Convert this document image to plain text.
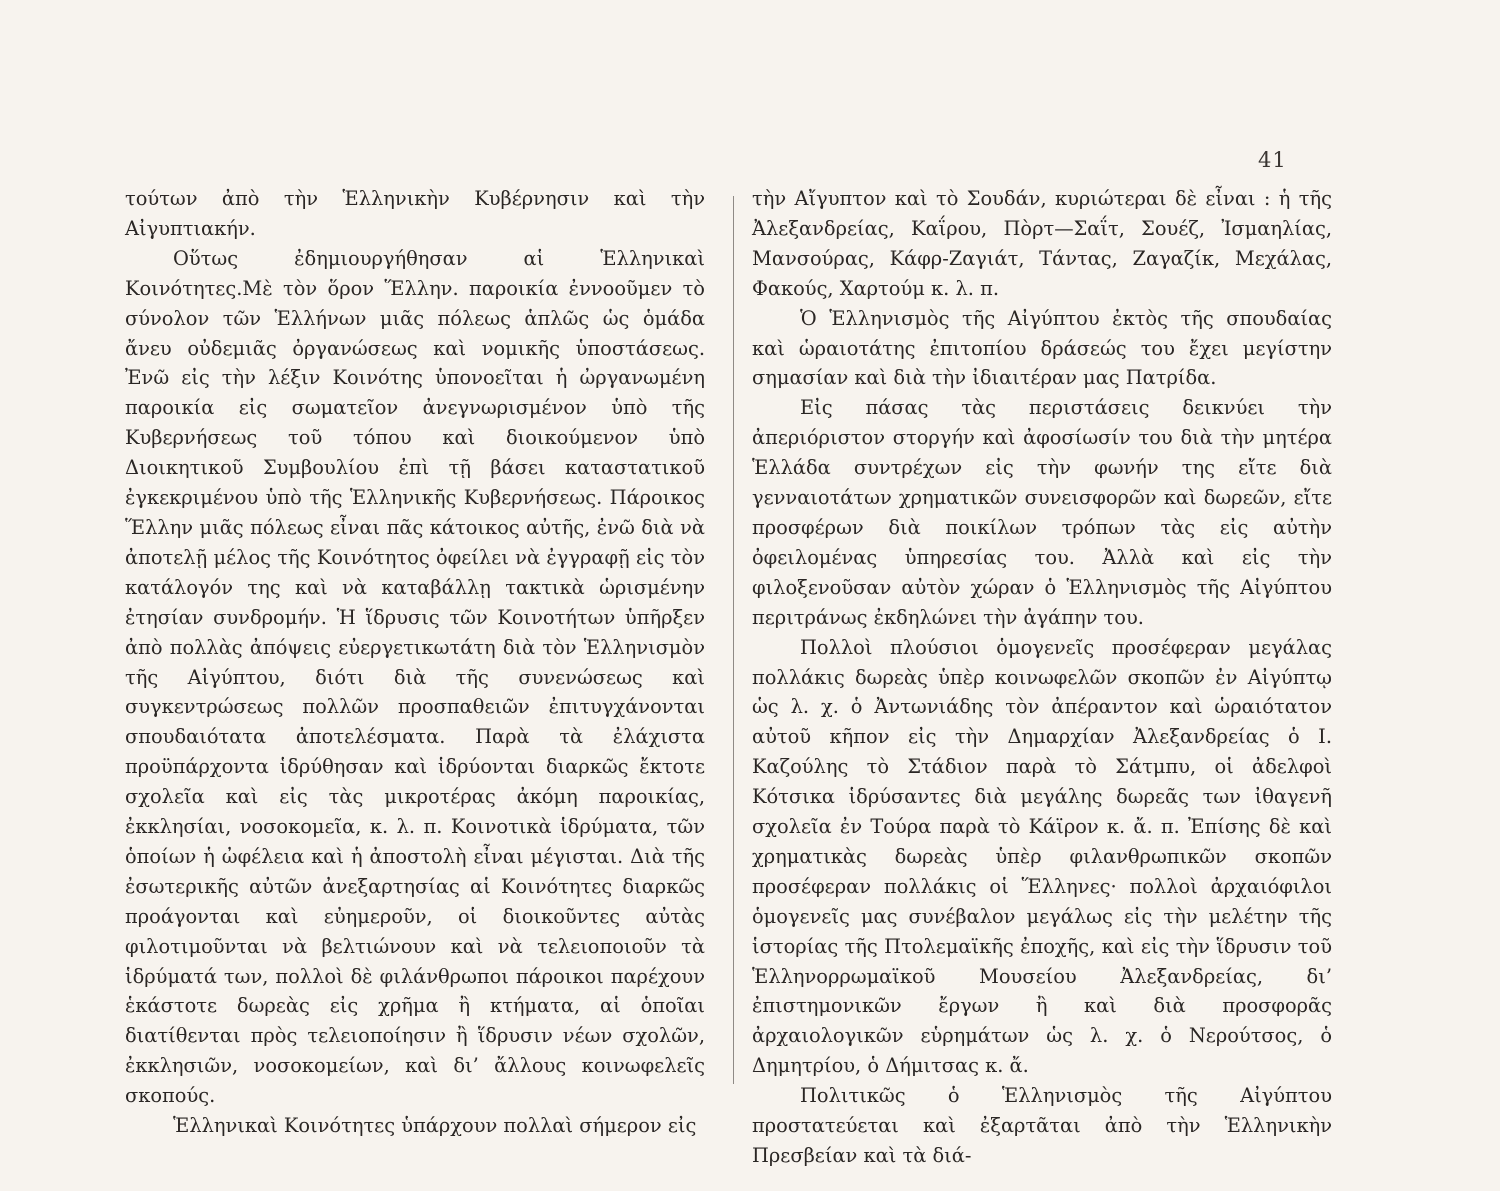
41

τούτων ἀπὸ τὴν Ἑλληνικὴν Κυβέρνησιν καὶ τὴν Αἰγυπτιακήν.

Οὕτως ἐδημιουργήθησαν αἱ Ἑλληνικαὶ Κοινότητες.Μὲ τὸν ὅρον Ἕλλην. παροικία ἐννοοῦμεν τὸ σύνολον τῶν Ἑλλήνων μιᾶς πόλεως ἁπλῶς ὡς ὁμάδα ἄνευ οὐδεμιᾶς ὀργανώσεως καὶ νομικῆς ὑποστάσεως. Ἐνῶ εἰς τὴν λέξιν Κοινότης ὑπονοεῖται ἡ ὠργανωμένη παροικία εἰς σωματεῖον ἀνεγνωρισμένον ὑπὸ τῆς Κυβερνήσεως τοῦ τόπου καὶ διοικούμενον ὑπὸ Διοικητικοῦ Συμβουλίου ἐπὶ τῇ βάσει καταστατικοῦ ἐγκεκριμένου ὑπὸ τῆς Ἑλληνικῆς Κυβερνήσεως. Πάροικος Ἕλλην μιᾶς πόλεως εἶναι πᾶς κάτοικος αὐτῆς, ἐνῶ διὰ νὰ ἀποτελῇ μέλος τῆς Κοινότητος ὀφείλει νὰ ἐγγραφῇ εἰς τὸν κατάλογόν της καὶ νὰ καταβάλλῃ τακτικὰ ὡρισμένην ἐτησίαν συνδρομήν. Ἡ ἵδρυσις τῶν Κοινοτήτων ὑπῆρξεν ἀπὸ πολλὰς ἀπόψεις εὐεργετικωτάτη διὰ τὸν Ἑλληνισμὸν τῆς Αἰγύπτου, διότι διὰ τῆς συνενώσεως καὶ συγκεντρώσεως πολλῶν προσπαθειῶν ἐπιτυγχάνονται σπουδαιότατα ἀποτελέσματα. Παρὰ τὰ ἐλάχιστα προϋπάρχοντα ἱδρύθησαν καὶ ἱδρύονται διαρκῶς ἔκτοτε σχολεῖα καὶ εἰς τὰς μικροτέρας ἀκόμη παροικίας, ἐκκλησίαι, νοσοκομεῖα, κ. λ. π. Κοινοτικὰ ἱδρύματα, τῶν ὁποίων ἡ ὠφέλεια καὶ ἡ ἀποστολὴ εἶναι μέγισται. Διὰ τῆς ἐσωτερικῆς αὐτῶν ἀνεξαρτησίας αἱ Κοινότητες διαρκῶς προάγονται καὶ εὐημεροῦν, οἱ διοικοῦντες αὐτὰς φιλοτιμοῦνται νὰ βελτιώνουν καὶ νὰ τελειοποιοῦν τὰ ἱδρύματά των, πολλοὶ δὲ φιλάνθρωποι πάροικοι παρέχουν ἑκάστοτε δωρεὰς εἰς χρῆμα ἢ κτήματα, αἱ ὁποῖαι διατίθενται πρὸς τελειοποίησιν ἢ ἵδρυσιν νέων σχολῶν, ἐκκλησιῶν, νοσοκομείων, καὶ δι’ ἄλλους κοινωφελεῖς σκοπούς.

Ἑλληνικαὶ Κοινότητες ὑπάρχουν πολλαὶ σήμερον εἰς

τὴν Αἴγυπτον καὶ τὸ Σουδάν, κυριώτεραι δὲ εἶναι : ἡ τῆς Ἀλεξανδρείας, Καΐρου, Πὸρτ—Σαΐτ, Σουέζ, Ἰσμαηλίας, Μανσούρας, Κάφρ-Ζαγιάτ, Τάντας, Ζαγαζίκ, Μεχάλας, Φακούς, Χαρτούμ κ. λ. π.

Ὁ Ἑλληνισμὸς τῆς Αἰγύπτου ἐκτὸς τῆς σπουδαίας καὶ ὡραιοτάτης ἐπιτοπίου δράσεώς του ἔχει μεγίστην σημασίαν καὶ διὰ τὴν ἰδιαιτέραν μας Πατρίδα.

Εἰς πάσας τὰς περιστάσεις δεικνύει τὴν ἀπεριόριστον στοργήν καὶ ἀφοσίωσίν του διὰ τὴν μητέρα Ἑλλάδα συντρέχων εἰς τὴν φωνήν της εἴτε διὰ γενναιοτάτων χρηματικῶν συνεισφορῶν καὶ δωρεῶν, εἴτε προσφέρων διὰ ποικίλων τρόπων τὰς εἰς αὐτὴν ὀφειλομένας ὑπηρεσίας του. Ἀλλὰ καὶ εἰς τὴν φιλοξενοῦσαν αὐτὸν χώραν ὁ Ἑλληνισμὸς τῆς Αἰγύπτου περιτράνως ἐκδηλώνει τὴν ἀγάπην του.

Πολλοὶ πλούσιοι ὁμογενεῖς προσέφεραν μεγάλας πολλάκις δωρεὰς ὑπὲρ κοινωφελῶν σκοπῶν ἐν Αἰγύπτῳ ὡς λ. χ. ὁ Ἀντωνιάδης τὸν ἀπέραντον καὶ ὡραιότατον αὐτοῦ κῆπον εἰς τὴν Δημαρχίαν Ἀλεξανδρείας ὁ Ι. Καζούλης τὸ Στάδιον παρὰ τὸ Σάτμπυ, οἱ ἀδελφοὶ Κότσικα ἱδρύσαντες διὰ μεγάλης δωρεᾶς των ἰθαγενῆ σχολεῖα ἐν Τούρα παρὰ τὸ Κάϊρον κ. ἄ. π. Ἐπίσης δὲ καὶ χρηματικὰς δωρεὰς ὑπὲρ φιλανθρωπικῶν σκοπῶν προσέφεραν πολλάκις οἱ Ἕλληνες· πολλοὶ ἀρχαιόφιλοι ὁμογενεῖς μας συνέβαλον μεγάλως εἰς τὴν μελέτην τῆς ἱστορίας τῆς Πτολεμαϊκῆς ἐποχῆς, καὶ εἰς τὴν ἵδρυσιν τοῦ Ἑλληνορρωμαϊκοῦ Μουσείου Ἀλεξανδρείας, δι’ ἐπιστημονικῶν ἔργων ἢ καὶ διὰ προσφορᾶς ἀρχαιολογικῶν εὑρημάτων ὡς λ. χ. ὁ Νερούτσος, ὁ Δημητρίου, ὁ Δήμιτσας κ. ἄ.

Πολιτικῶς ὁ Ἑλληνισμὸς τῆς Αἰγύπτου προστατεύεται καὶ ἐξαρτᾶται ἀπὸ τὴν Ἑλληνικὴν Πρεσβείαν καὶ τὰ διά-
